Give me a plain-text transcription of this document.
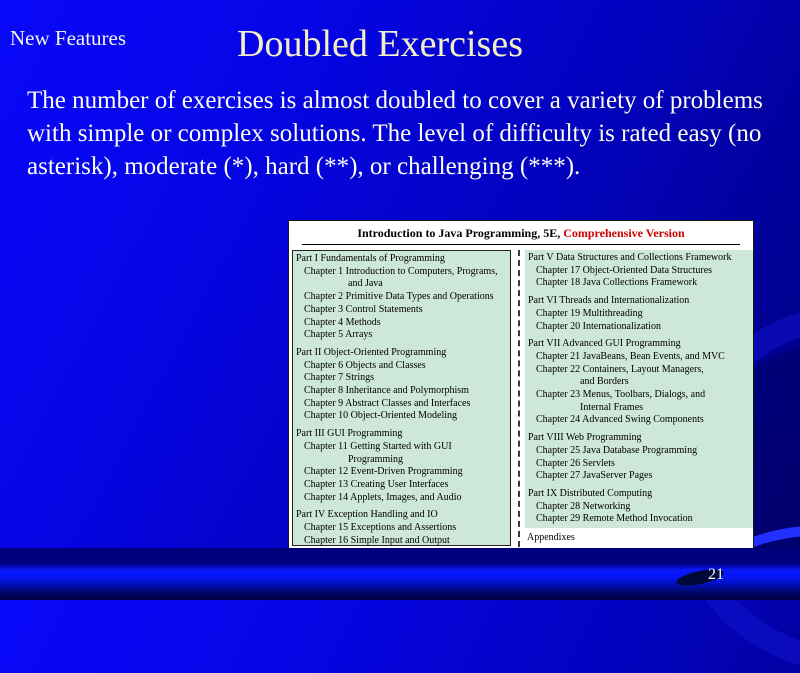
New Features	Doubled Exercises
The number of exercises is almost doubled to cover a variety of problems with simple or complex solutions. The level of difficulty is rated easy (no asterisk), moderate (*), hard (**), or challenging (***).
Introduction to Java Programming, 5E, Comprehensive Version
Part I Fundamentals of Programming
Chapter 1 Introduction to Computers, Programs,
and Java
Chapter 2 Primitive Data Types and Operations
Chapter 3 Control Statements
Chapter 4 Methods
Chapter 5 Arrays
Part II Object-Oriented Programming
Chapter 6 Objects and Classes
Chapter 7 Strings
Chapter 8 Inheritance and Polymorphism
Chapter 9 Abstract Classes and Interfaces
Chapter 10 Object-Oriented Modeling
Part III GUI Programming
Chapter 11 Getting Started with GUI
Programming
Chapter 12 Event-Driven Programming
Chapter 13 Creating User Interfaces
Chapter 14 Applets, Images, and Audio
Part IV Exception Handling and IO
Chapter 15 Exceptions and Assertions
Chapter 16 Simple Input and Output
Part V Data Structures and Collections Framework
Chapter 17 Object-Oriented Data Structures
Chapter 18 Java Collections Framework
Part VI Threads and Internationalization
Chapter 19 Multithreading
Chapter 20 Internationalization
Part VII Advanced GUI Programming
Chapter 21 JavaBeans, Bean Events, and MVC
Chapter 22 Containers, Layout Managers,
and Borders
Chapter 23 Menus, Toolbars, Dialogs, and
Internal Frames
Chapter 24 Advanced Swing Components
Part VIII Web Programming
Chapter 25 Java Database Programming
Chapter 26 Servlets
Chapter 27 JavaServer Pages
Part IX Distributed Computing
Chapter 28 Networking
Chapter 29 Remote Method Invocation
Appendixes
21
